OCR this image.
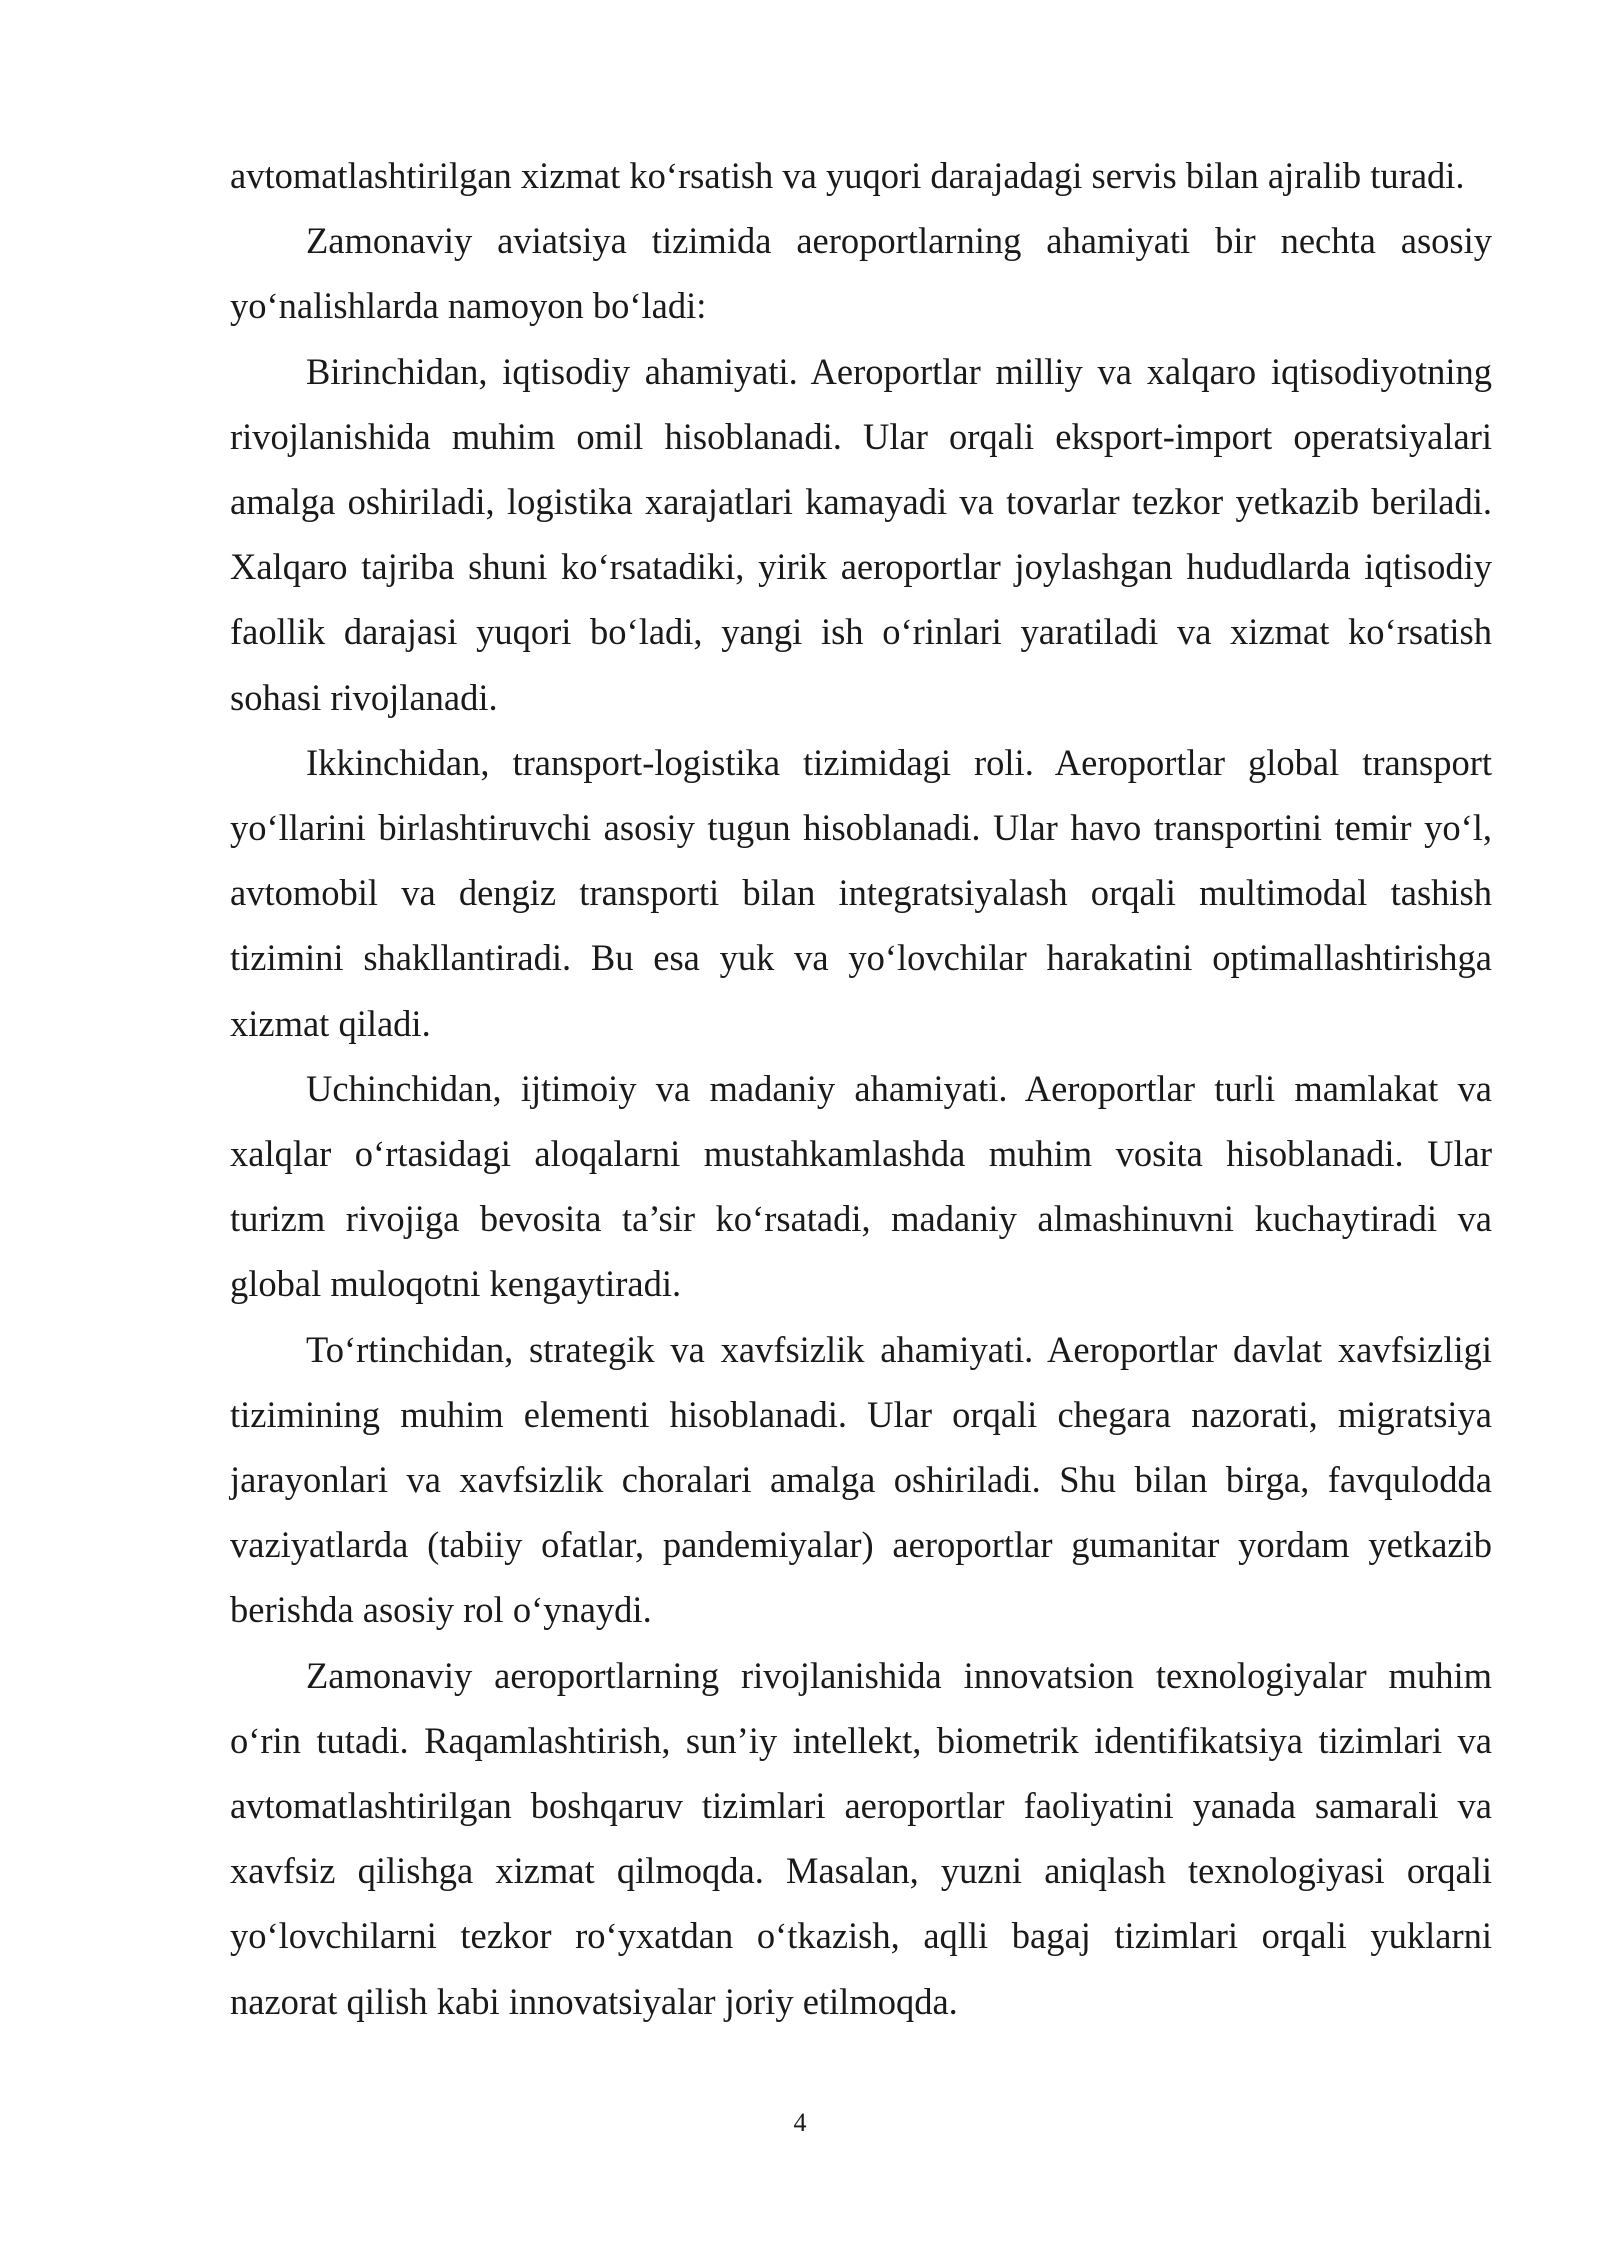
avtomatlashtirilgan xizmat koʻrsatish va yuqori darajadagi servis bilan ajralib turadi.

Zamonaviy aviatsiya tizimida aeroportlarning ahamiyati bir nechta asosiy yoʻnalishlarda namoyon boʻladi:

Birinchidan, iqtisodiy ahamiyati. Aeroportlar milliy va xalqaro iqtisodiyotning rivojlanishida muhim omil hisoblanadi. Ular orqali eksport-import operatsiyalari amalga oshiriladi, logistika xarajatlari kamayadi va tovarlar tezkor yetkazib beriladi. Xalqaro tajriba shuni koʻrsatadiki, yirik aeroportlar joylashgan hududlarda iqtisodiy faollik darajasi yuqori boʻladi, yangi ish oʻrinlari yaratiladi va xizmat koʻrsatish sohasi rivojlanadi.

Ikkinchidan, transport-logistika tizimidagi roli. Aeroportlar global transport yoʻllarini birlashtiruvchi asosiy tugun hisoblanadi. Ular havo transportini temir yoʻl, avtomobil va dengiz transporti bilan integratsiyalash orqali multimodal tashish tizimini shakllantiradi. Bu esa yuk va yoʻlovchilar harakatini optimallashtirishga xizmat qiladi.

Uchinchidan, ijtimoiy va madaniy ahamiyati. Aeroportlar turli mamlakat va xalqlar oʻrtasidagi aloqalarni mustahkamlashda muhim vosita hisoblanadi. Ular turizm rivojiga bevosita ta’sir koʻrsatadi, madaniy almashinuvni kuchaytiradi va global muloqotni kengaytiradi.

Toʻrtinchidan, strategik va xavfsizlik ahamiyati. Aeroportlar davlat xavfsizligi tizimining muhim elementi hisoblanadi. Ular orqali chegara nazorati, migratsiya jarayonlari va xavfsizlik choralari amalga oshiriladi. Shu bilan birga, favqulodda vaziyatlarda (tabiiy ofatlar, pandemiyalar) aeroportlar gumanitar yordam yetkazib berishda asosiy rol oʻynaydi.

Zamonaviy aeroportlarning rivojlanishida innovatsion texnologiyalar muhim oʻrin tutadi. Raqamlashtirish, sun’iy intellekt, biometrik identifikatsiya tizimlari va avtomatlashtirilgan boshqaruv tizimlari aeroportlar faoliyatini yanada samarali va xavfsiz qilishga xizmat qilmoqda. Masalan, yuzni aniqlash texnologiyasi orqali yoʻlovchilarni tezkor roʻyxatdan oʻtkazish, aqlli bagaj tizimlari orqali yuklarni nazorat qilish kabi innovatsiyalar joriy etilmoqda.

4
